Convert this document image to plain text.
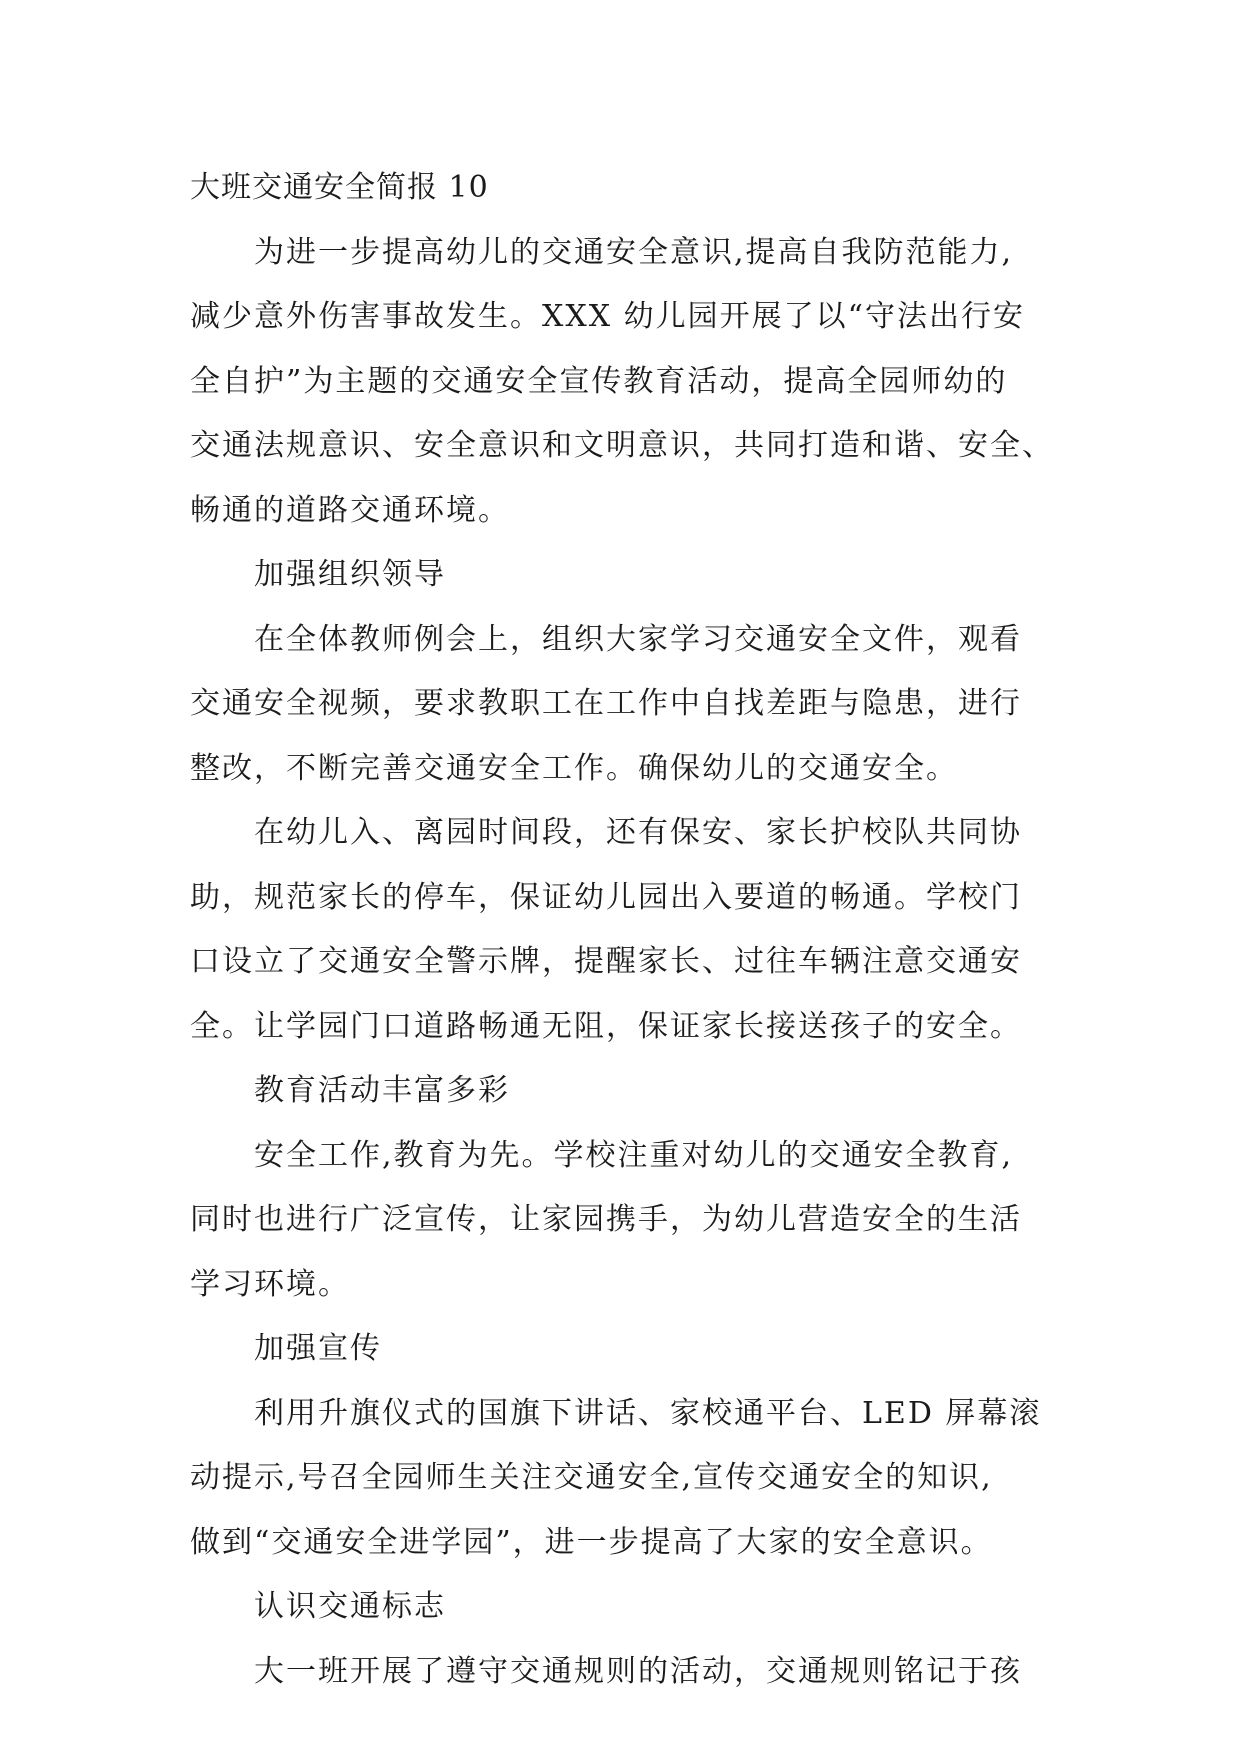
大班交通安全简报 10
为进一步提高幼儿的交通安全意识,提高自我防范能力,
减少意外伤害事故发生。XXX 幼儿园开展了以“守法出行安
全自护”为主题的交通安全宣传教育活动，提高全园师幼的
交通法规意识、安全意识和文明意识，共同打造和谐、安全、
畅通的道路交通环境。
加强组织领导
在全体教师例会上，组织大家学习交通安全文件，观看
交通安全视频，要求教职工在工作中自找差距与隐患，进行
整改，不断完善交通安全工作。确保幼儿的交通安全。
在幼儿入、离园时间段，还有保安、家长护校队共同协
助，规范家长的停车，保证幼儿园出入要道的畅通。学校门
口设立了交通安全警示牌，提醒家长、过往车辆注意交通安
全。让学园门口道路畅通无阻，保证家长接送孩子的安全。
教育活动丰富多彩
安全工作,教育为先。学校注重对幼儿的交通安全教育,
同时也进行广泛宣传，让家园携手，为幼儿营造安全的生活
学习环境。
加强宣传
利用升旗仪式的国旗下讲话、家校通平台、LED 屏幕滚
动提示,号召全园师生关注交通安全,宣传交通安全的知识,
做到“交通安全进学园”，进一步提高了大家的安全意识。
认识交通标志
大一班开展了遵守交通规则的活动，交通规则铭记于孩
